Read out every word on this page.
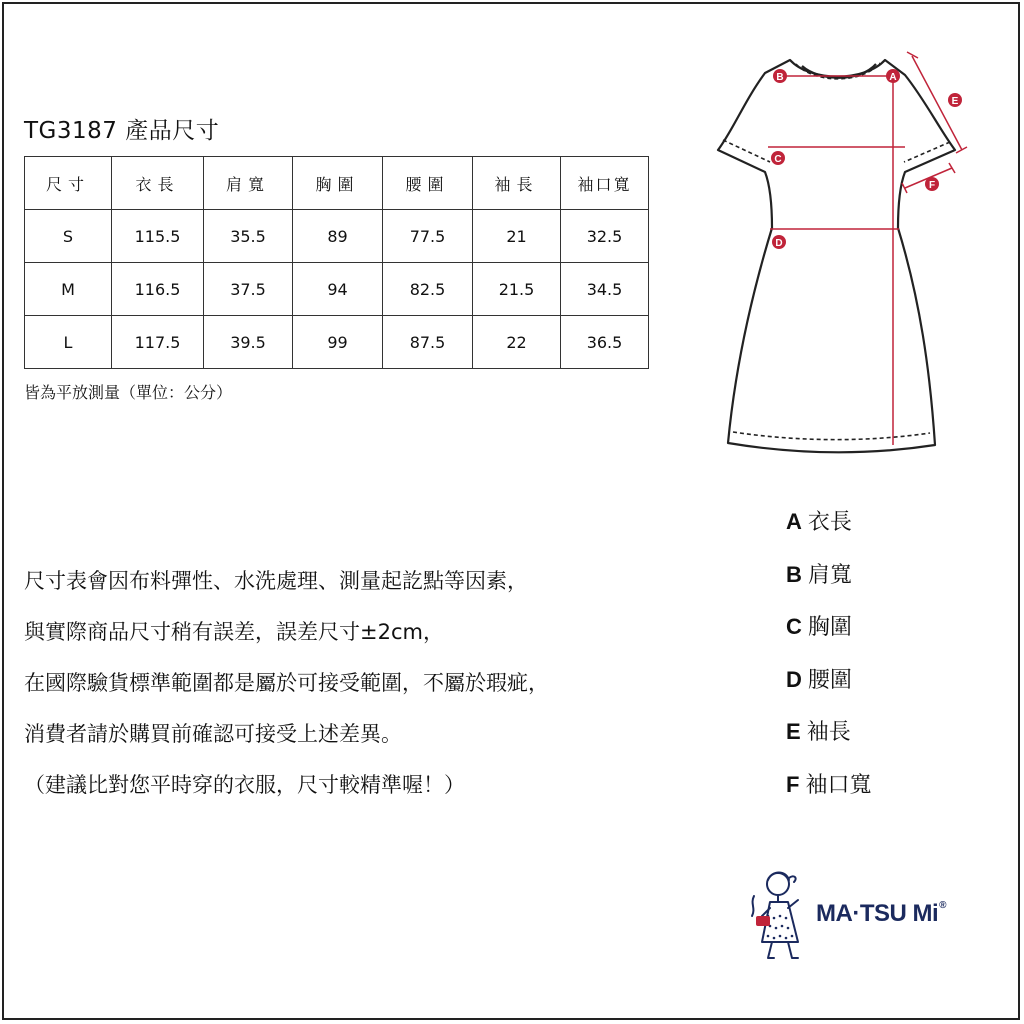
TG3187 產品尺寸
尺寸	衣長	肩寬	胸圍	腰圍	袖長	袖口寬
S	115.5	35.5	89	77.5	21	32.5
M	116.5	37.5	94	82.5	21.5	34.5
L	117.5	39.5	99	87.5	22	36.5
皆為平放測量（單位：公分）
尺寸表會因布料彈性、水洗處理、測量起訖點等因素，
與實際商品尺寸稍有誤差，誤差尺寸±2cm，
在國際驗貨標準範圍都是屬於可接受範圍，不屬於瑕疵，
消費者請於購買前確認可接受上述差異。
（建議比對您平時穿的衣服，尺寸較精準喔！）
A 衣長
B 肩寬
C 胸圍
D 腰圍
E 袖長
F 袖口寬
B	A
C
D
E
F
MA·TSU Mi®
